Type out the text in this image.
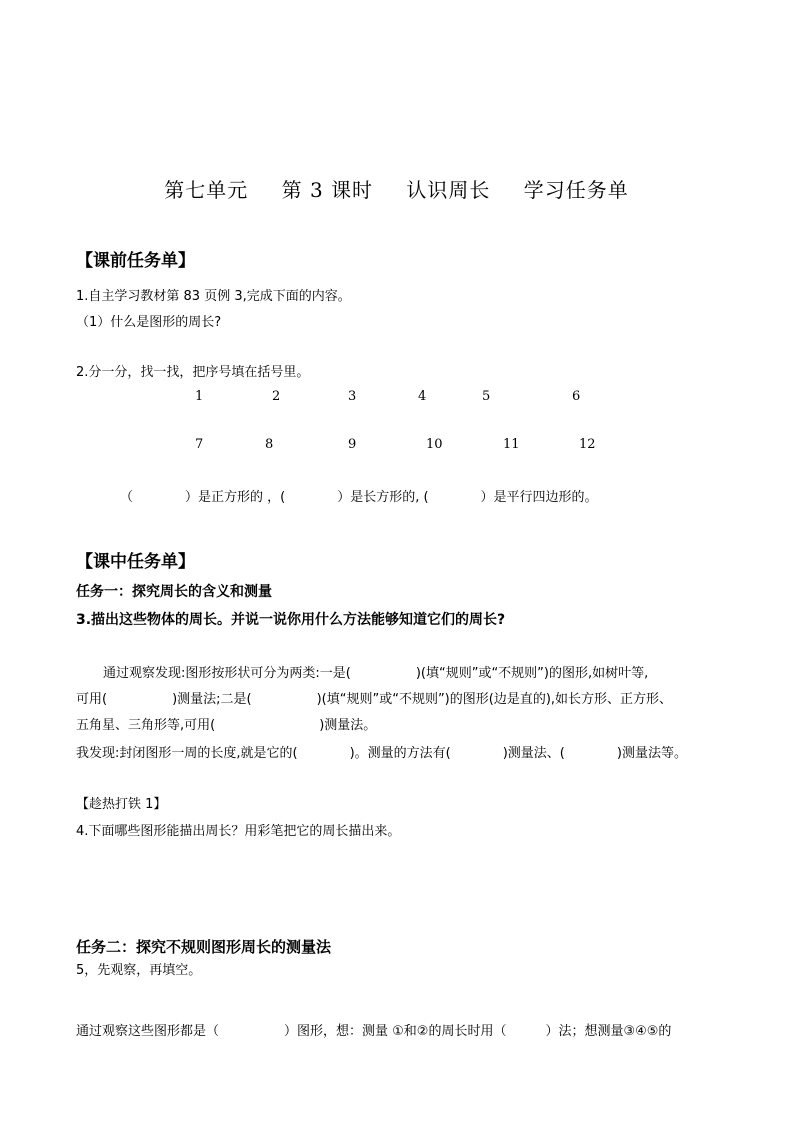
第七单元 第 3 课时 认识周长 学习任务单
【课前任务单】
1.自主学习教材第 83 页例 3,完成下面的内容。
（1）什么是图形的周长?
2.分一分，找一找，把序号填在括号里。
1	2	3	4	5	6
7	8	9	10	11	12
（　　　　）是正方形的 ，(　　　　）是长方形的, (　　　　）是平行四边形的。
【课中任务单】
任务一：探究周长的含义和测量
3.描出这些物体的周长。并说一说你用什么方法能够知道它们的周长?
通过观察发现:图形按形状可分为两类:一是(　　　　　)(填“规则”或“不规则”)的图形,如树叶等,
可用(　　　　　)测量法;二是(　　　　　)(填“规则”或“不规则”)的图形(边是直的),如长方形、正方形、
五角星、三角形等,可用(　　　　　　　　)测量法。
我发现:封闭图形一周的长度,就是它的(　　　　)。测量的方法有(　　　　)测量法、(　　　　)测量法等。
【趁热打铁 1】
4.下面哪些图形能描出周长？用彩笔把它的周长描出来。
任务二：探究不规则图形周长的测量法
5，先观察，再填空。
通过观察这些图形都是（　　　　　）图形，想：测量 ①和②的周长时用（　　　）法；想测量③④⑤的
